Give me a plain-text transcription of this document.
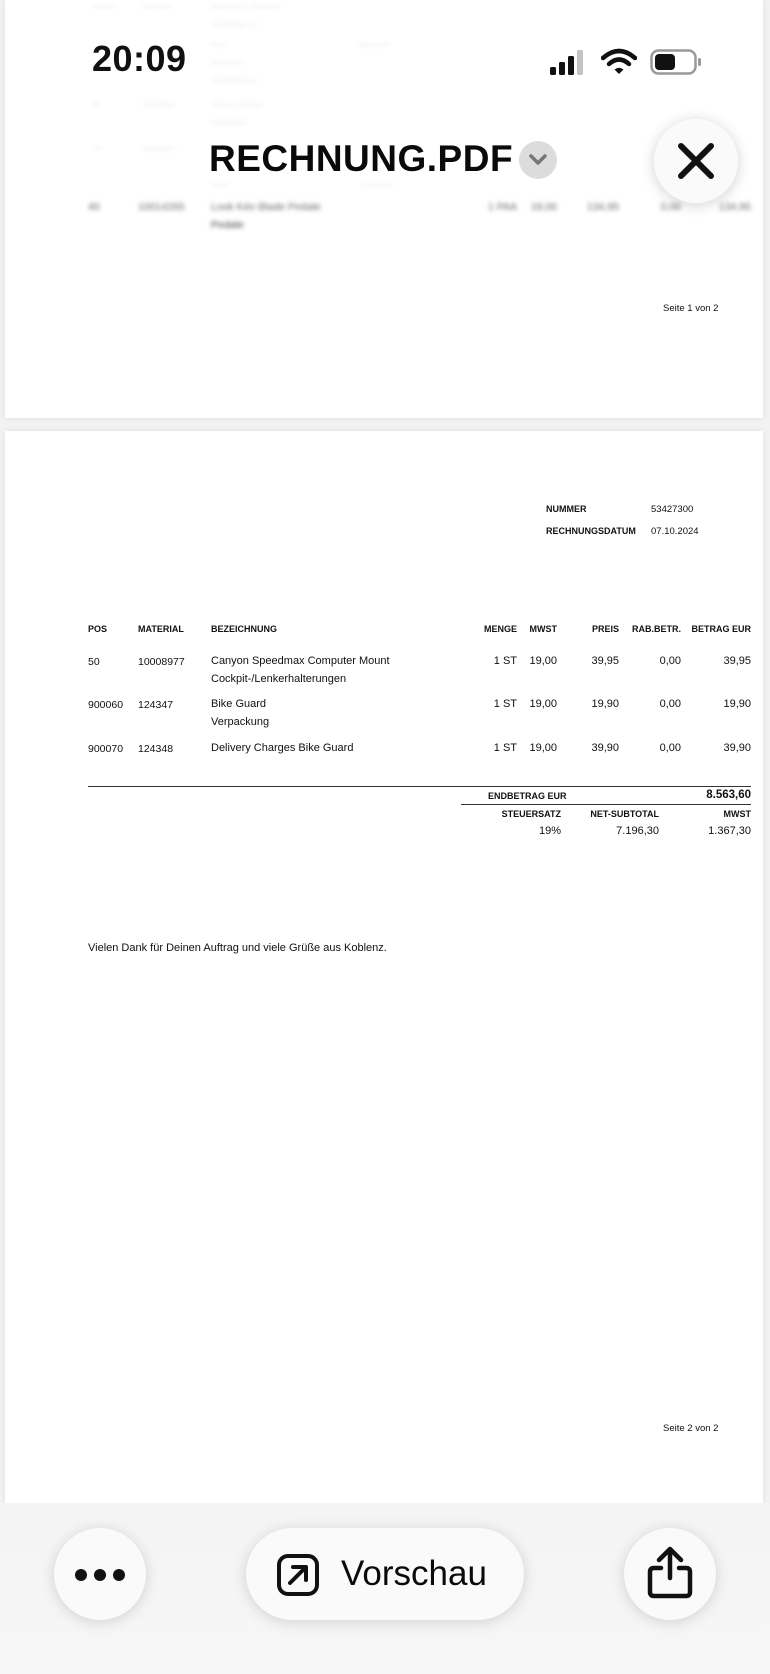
······	········	········ ·· ········
·········· ··
····	·········
·········
·············
··	·········	······ ········
··········
··	·········
·····	·········
40	10014265	Look Kéo Blade Pedale
Pedale
1 PAA	19,00	134,95	0,00	134,95
Seite 1 von 2
NUMMER	53427300
RECHNUNGSDATUM 07.10.2024
POS	MATERIAL	BEZEICHNUNG	MENGE	MWST	PREIS	RAB.BETR.	BETRAG EUR
50	10008977 Canyon Speedmax Computer Mount
Cockpit-/Lenkerhalterungen
1 ST	19,00	39,95	0,00	39,95
900060 124347	Bike Guard
Verpackung
1 ST	19,00	19,90	0,00	19,90
900070 124348	Delivery Charges Bike Guard	1 ST	19,00	39,90	0,00	39,90
ENDBETRAG EUR	8.563,60
STEUERSATZ	NET-SUBTOTAL	MWST
19%	7.196,30	1.367,30
Vielen Dank für Deinen Auftrag und viele Grüße aus Koblenz.
Seite 2 von 2
20:09
RECHNUNG.PDF
Vorschau
